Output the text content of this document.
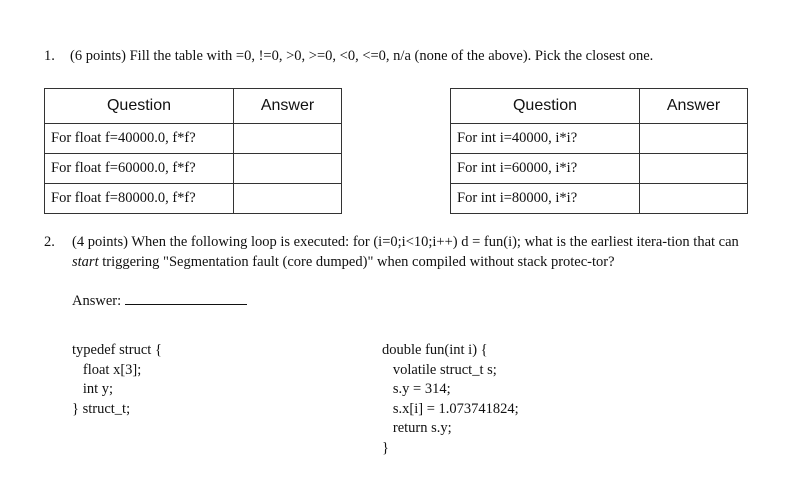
1. (6 points) Fill the table with =0, !=0, >0, >=0, <0, <=0, n/a (none of the above). Pick the closest one.
Question	Answer
For float f=40000.0, f*f?	
For float f=60000.0, f*f?	
For float f=80000.0, f*f?	
Question	Answer
For int i=40000, i*i?	
For int i=60000, i*i?	
For int i=80000, i*i?	
2. (4 points) When the following loop is executed: for (i=0;i<10;i++) d = fun(i); what is the earliest itera-tion that can start triggering "Segmentation fault (core dumped)" when compiled without stack protec-tor?
Answer:
typedef struct {
float x[3];
int y;
} struct_t;
double fun(int i) {
volatile struct_t s;
s.y = 314;
s.x[i] = 1.073741824;
return s.y;
}
